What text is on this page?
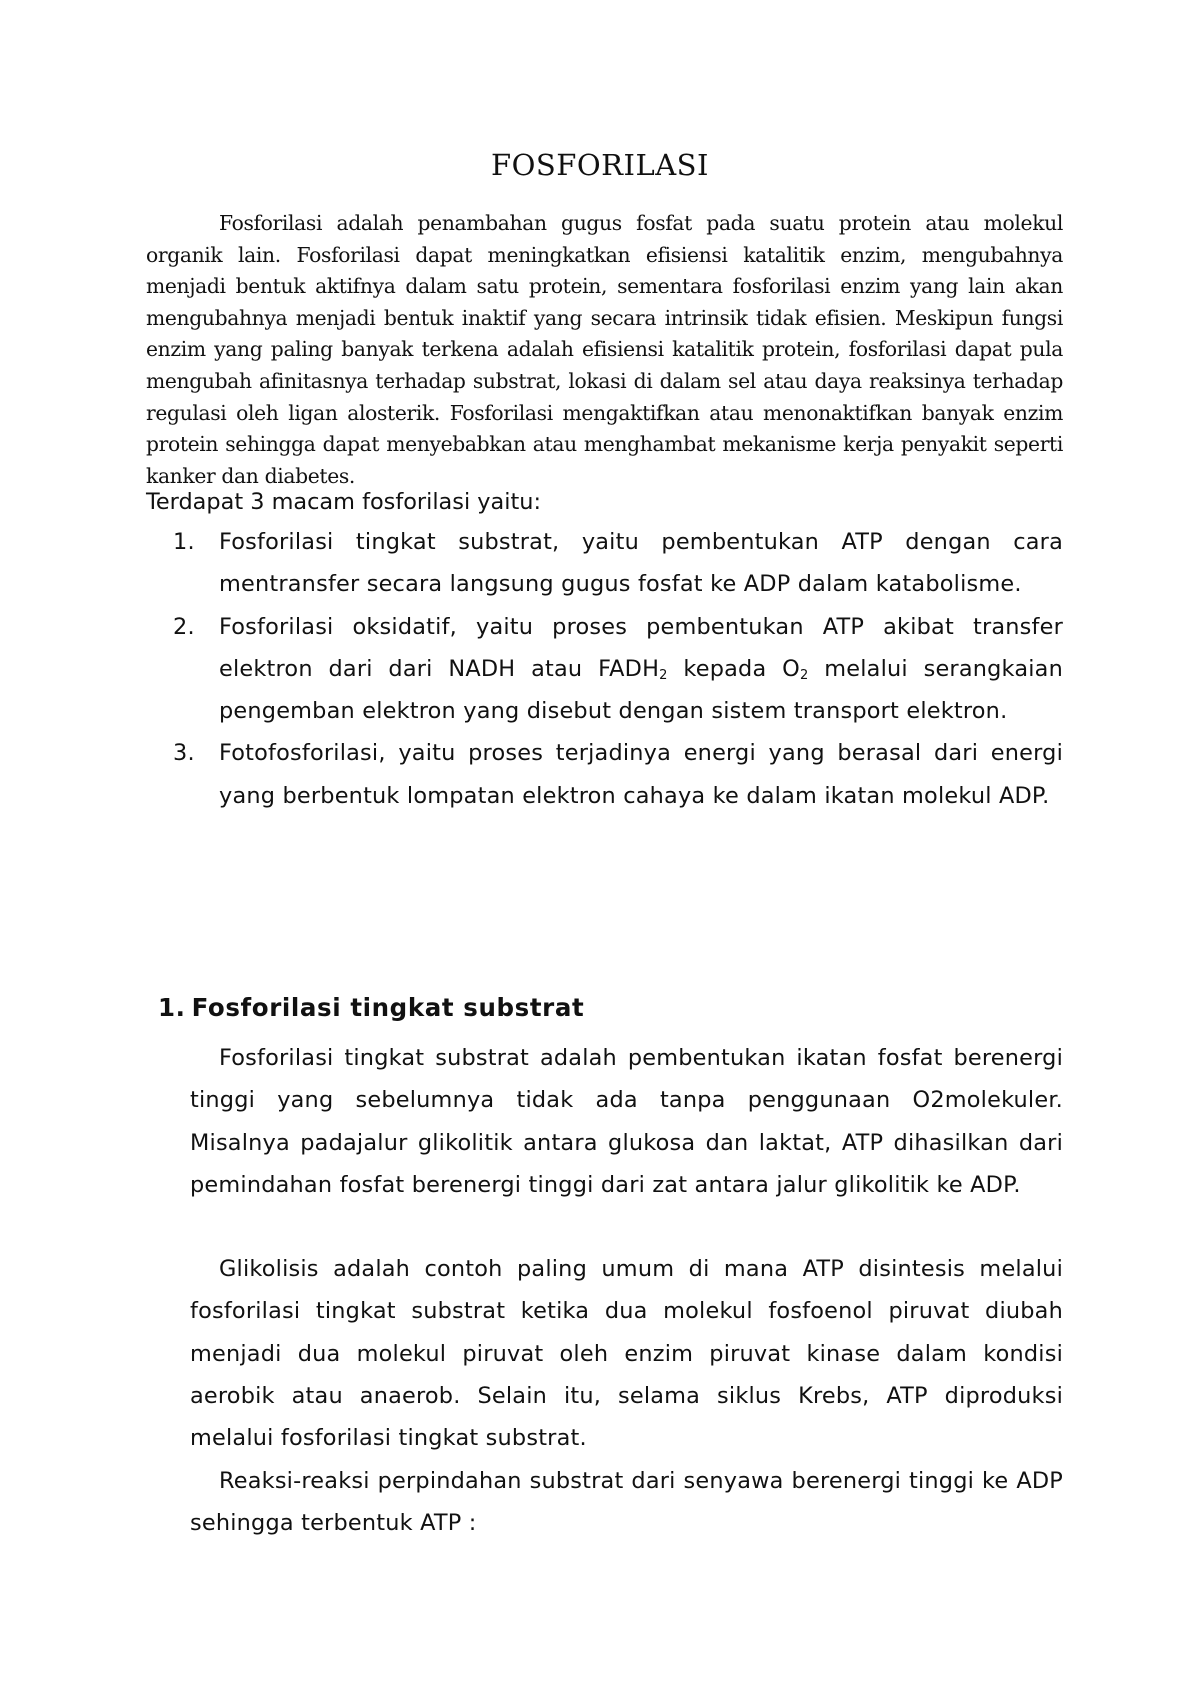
FOSFORILASI

Fosforilasi adalah penambahan gugus fosfat pada suatu protein atau molekul organik lain. Fosforilasi dapat meningkatkan efisiensi katalitik enzim, mengubahnya menjadi bentuk aktifnya dalam satu protein, sementara fosforilasi enzim yang lain akan mengubahnya menjadi bentuk inaktif yang secara intrinsik tidak efisien. Meskipun fungsi enzim yang paling banyak terkena adalah efisiensi katalitik protein, fosforilasi dapat pula mengubah afinitasnya terhadap substrat, lokasi di dalam sel atau daya reaksinya terhadap regulasi oleh ligan alosterik. Fosforilasi mengaktifkan atau menonaktifkan banyak enzim protein sehingga dapat menyebabkan atau menghambat mekanisme kerja penyakit seperti kanker dan diabetes.

Terdapat 3 macam fosforilasi yaitu:

1. Fosforilasi tingkat substrat, yaitu pembentukan ATP dengan cara mentransfer secara langsung gugus fosfat ke ADP dalam katabolisme.
2. Fosforilasi oksidatif, yaitu proses pembentukan ATP akibat transfer elektron dari dari NADH atau $FADH_2$ kepada $O_2$ melalui serangkaian pengemban elektron yang disebut dengan sistem transport elektron.
3. Fotofosforilasi, yaitu proses terjadinya energi yang berasal dari energi yang berbentuk lompatan elektron cahaya ke dalam ikatan molekul ADP.
1. Fosforilasi tingkat substrat

Fosforilasi tingkat substrat adalah pembentukan ikatan fosfat berenergi tinggi yang sebelumnya tidak ada tanpa penggunaan O2molekuler. Misalnya padajalur glikolitik antara glukosa dan laktat, ATP dihasilkan dari pemindahan fosfat berenergi tinggi dari zat antara jalur glikolitik ke ADP.

Glikolisis adalah contoh paling umum di mana ATP disintesis melalui fosforilasi tingkat substrat ketika dua molekul fosfoenol piruvat diubah menjadi dua molekul piruvat oleh enzim piruvat kinase dalam kondisi aerobik atau anaerob. Selain itu, selama siklus Krebs, ATP diproduksi melalui fosforilasi tingkat substrat.

Reaksi-reaksi perpindahan substrat dari senyawa berenergi tinggi ke ADP sehingga terbentuk ATP :
